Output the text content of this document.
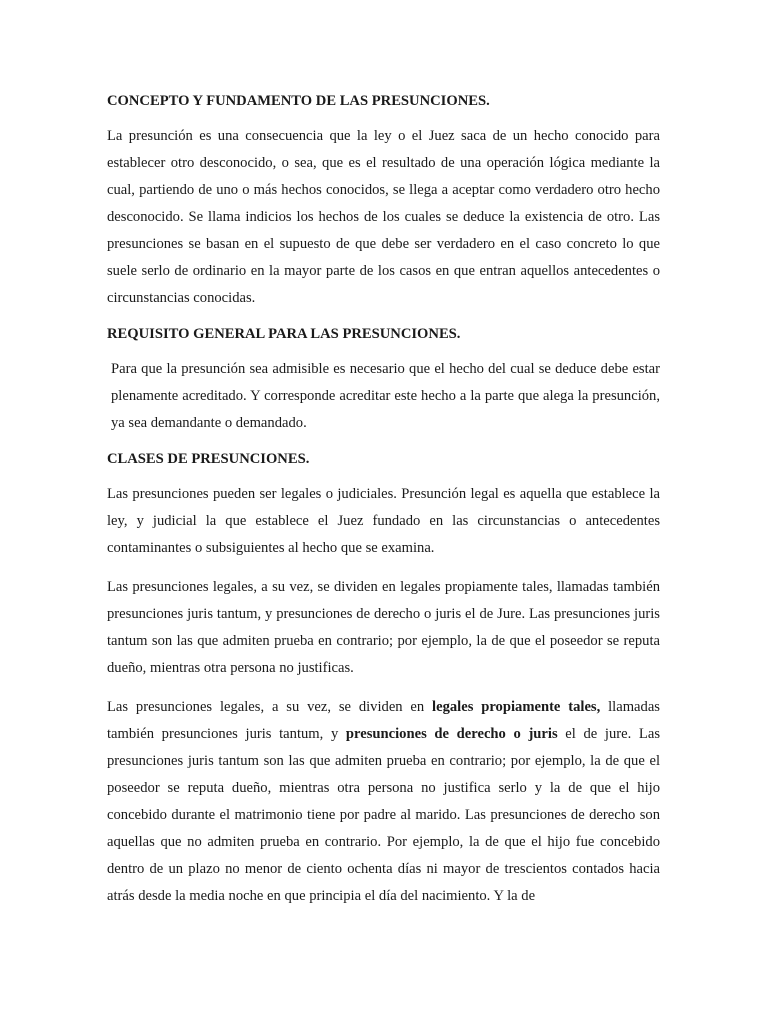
CONCEPTO Y FUNDAMENTO DE LAS PRESUNCIONES.

La presunción es una consecuencia que la ley o el Juez saca de un hecho conocido para establecer otro desconocido, o sea, que es el resultado de una operación lógica mediante la cual, partiendo de uno o más hechos conocidos, se llega a aceptar como verdadero otro hecho desconocido. Se llama indicios los hechos de los cuales se deduce la existencia de otro. Las presunciones se basan en el supuesto de que debe ser verdadero en el caso concreto lo que suele serlo de ordinario en la mayor parte de los casos en que entran aquellos antecedentes o circunstancias conocidas.

REQUISITO GENERAL PARA LAS PRESUNCIONES.

Para que la presunción sea admisible es necesario que el hecho del cual se deduce debe estar plenamente acreditado. Y corresponde acreditar este hecho a la parte que alega la presunción, ya sea demandante o demandado.

CLASES DE PRESUNCIONES.

Las presunciones pueden ser legales o judiciales. Presunción legal es aquella que establece la ley, y judicial la que establece el Juez fundado en las circunstancias o antecedentes contaminantes o subsiguientes al hecho que se examina.

Las presunciones legales, a su vez, se dividen en legales propiamente tales, llamadas también presunciones juris tantum, y presunciones de derecho o juris el de Jure. Las presunciones juris tantum son las que admiten prueba en contrario; por ejemplo, la de que el poseedor se reputa dueño, mientras otra persona no justificas.

Las presunciones legales, a su vez, se dividen en legales propiamente tales, llamadas también presunciones juris tantum, y presunciones de derecho o juris el de jure. Las presunciones juris tantum son las que admiten prueba en contrario; por ejemplo, la de que el poseedor se reputa dueño, mientras otra persona no justifica serlo y la de que el hijo concebido durante el matrimonio tiene por padre al marido. Las presunciones de derecho son aquellas que no admiten prueba en contrario. Por ejemplo, la de que el hijo fue concebido dentro de un plazo no menor de ciento ochenta días ni mayor de trescientos contados hacia atrás desde la media noche en que principia el día del nacimiento. Y la de
